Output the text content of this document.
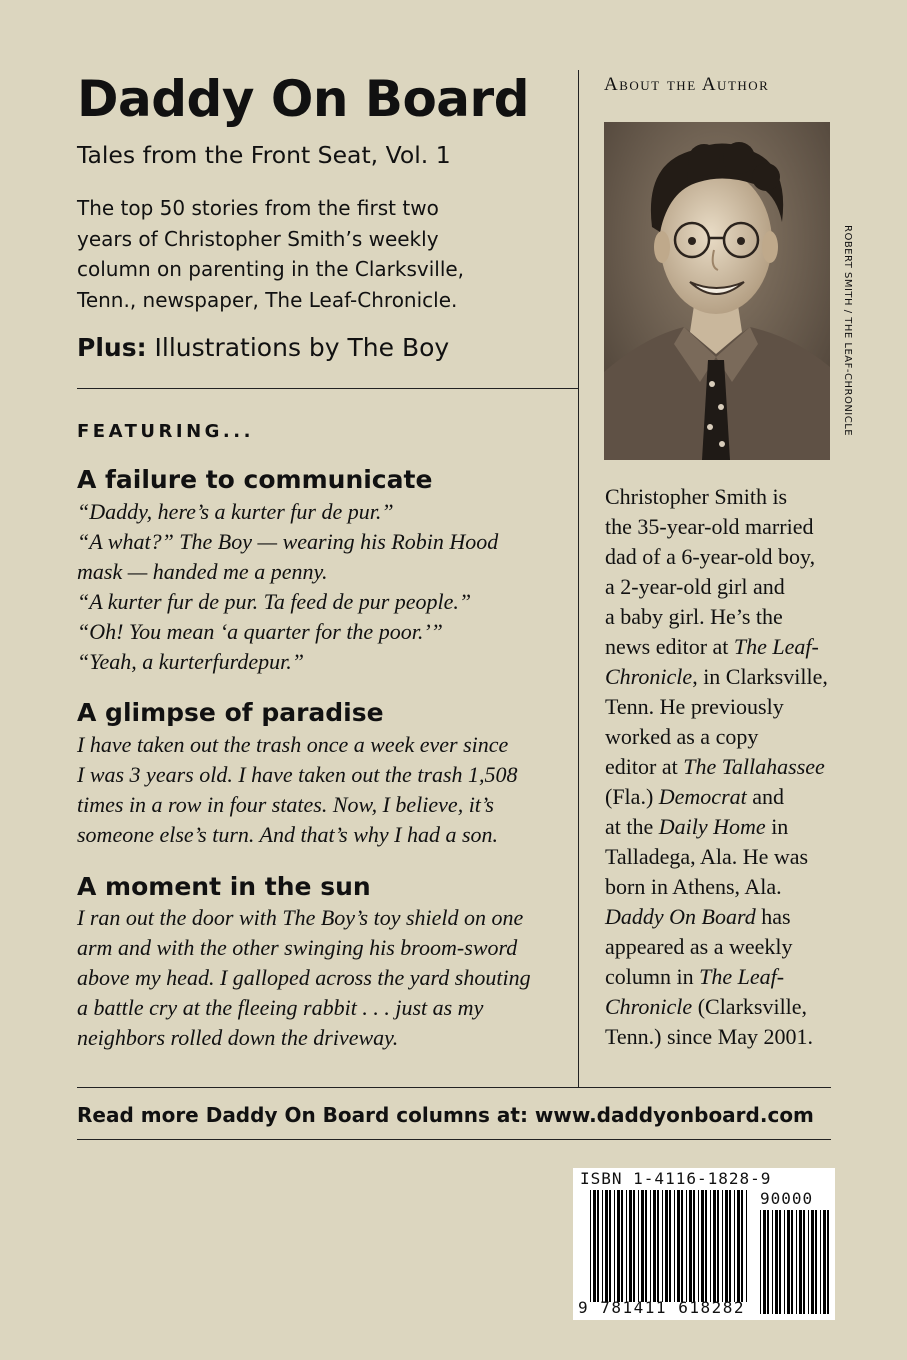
Daddy On Board

Tales from the Front Seat, Vol. 1

The top 50 stories from the first two
years of Christopher Smith’s weekly
column on parenting in the Clarksville,
Tenn., newspaper, The Leaf-Chronicle.

Plus: Illustrations by The Boy

FEATURING...

A failure to communicate

“Daddy, here’s a kurter fur de pur.”
“A what?” The Boy — wearing his Robin Hood
mask — handed me a penny.
“A kurter fur de pur. Ta feed de pur people.”
“Oh! You mean ‘a quarter for the poor.’”
“Yeah, a kurterfurdepur.”

A glimpse of paradise

I have taken out the trash once a week ever since
I was 3 years old. I have taken out the trash 1,508
times in a row in four states. Now, I believe, it’s
someone else’s turn. And that’s why I had a son.

A moment in the sun

I ran out the door with The Boy’s toy shield on one
arm and with the other swinging his broom-sword
above my head. I galloped across the yard shouting
a battle cry at the fleeing rabbit . . . just as my
neighbors rolled down the driveway.

About the Author

ROBERT SMITH / THE LEAF-CHRONICLE

Christopher Smith is
the 35-year-old married
dad of a 6-year-old boy,
a 2-year-old girl and
a baby girl. He’s the
news editor at The Leaf-
Chronicle, in Clarksville,
Tenn. He previously
worked as a copy
editor at The Tallahassee
(Fla.) Democrat and
at the Daily Home in
Talladega, Ala. He was
born in Athens, Ala.
Daddy On Board has
appeared as a weekly
column in The Leaf-
Chronicle (Clarksville,
Tenn.) since May 2001.

Read more Daddy On Board columns at: www.daddyonboard.com

ISBN 1-4116-1828-9

90000

9 781411 618282
